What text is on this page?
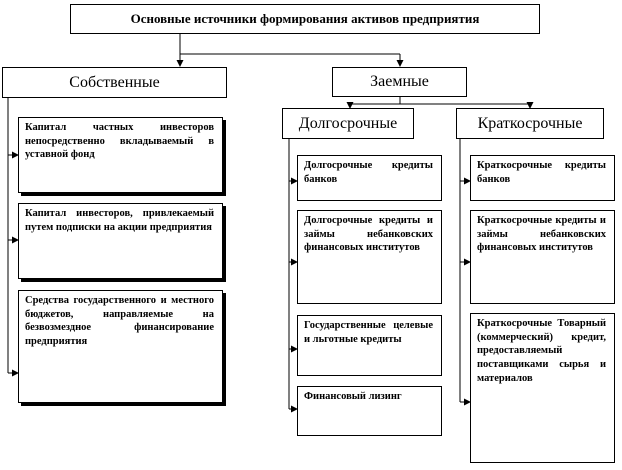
Основные источники формирования активов предприятия
Собственные
Капитал частных инвесторов непосредственно вкладываемый в уставной фонд
Капитал инвесторов, привлекаемый путем подписки на акции предприятия
Средства государственного и местного бюджетов, направляемые на безвозмездное финансирование предприятия
Заемные
Долгосрочные	Краткосрочные
Долгосрочные кредиты банков
Долгосрочные кредиты и займы небанковских финансовых институтов
Государственные целевые и льготные кредиты
Финансовый лизинг
Краткосрочные кредиты банков
Краткосрочные кредиты и займы небанковских финансовых институтов
Краткосрочные Товарный (коммерческий) кредит, предоставляемый поставщиками сырья и материалов
